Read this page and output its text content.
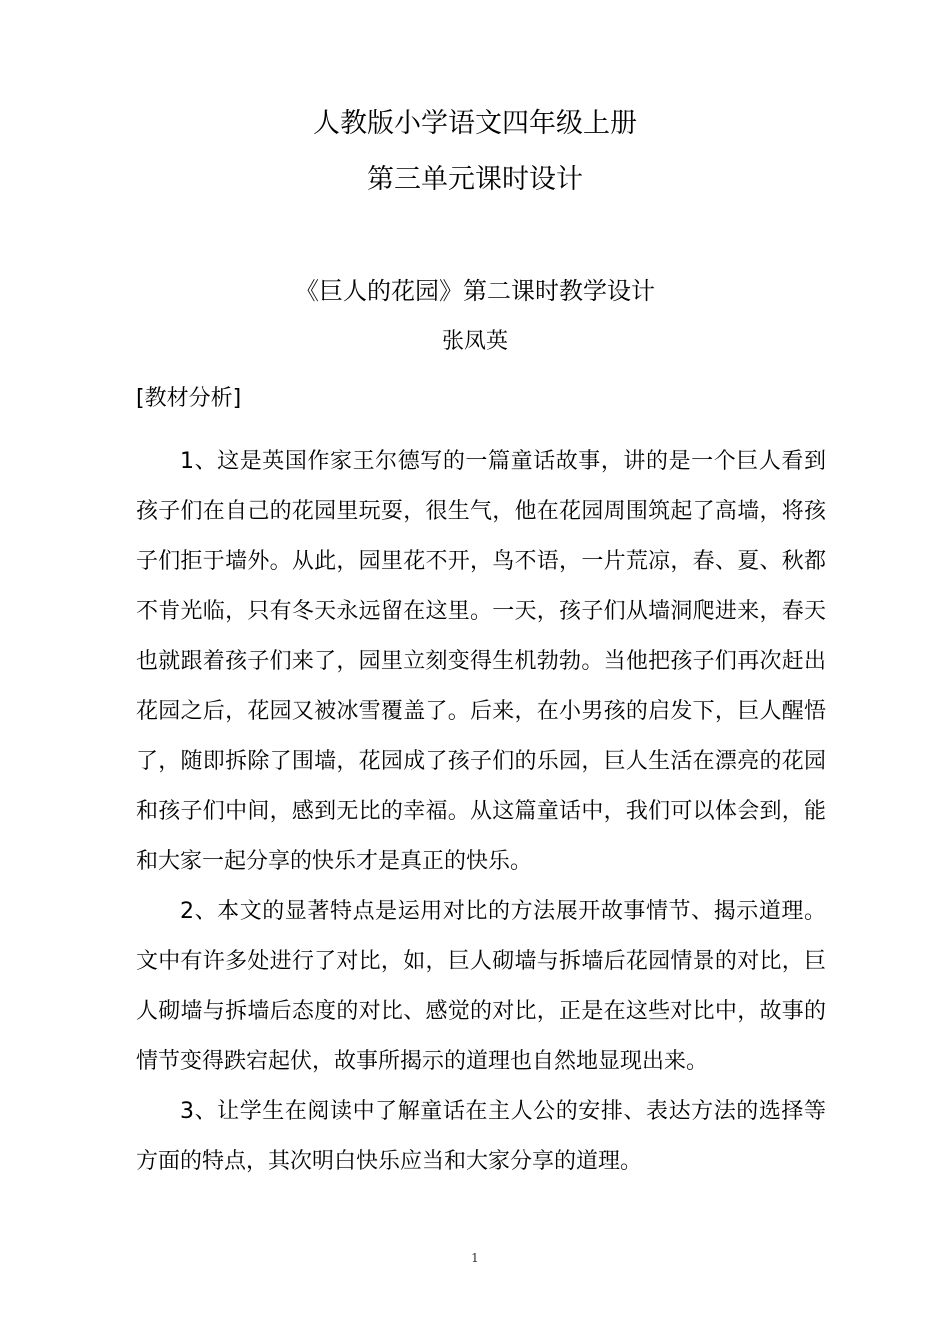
人教版小学语文四年级上册
第三单元课时设计
《巨人的花园》第二课时教学设计
张凤英
[教材分析]

1、这是英国作家王尔德写的一篇童话故事，讲的是一个巨人看到孩子们在自己的花园里玩耍，很生气，他在花园周围筑起了高墙，将孩子们拒于墙外。从此，园里花不开，鸟不语，一片荒凉，春、夏、秋都不肯光临，只有冬天永远留在这里。一天，孩子们从墙洞爬进来，春天也就跟着孩子们来了，园里立刻变得生机勃勃。当他把孩子们再次赶出花园之后，花园又被冰雪覆盖了。后来，在小男孩的启发下，巨人醒悟了，随即拆除了围墙，花园成了孩子们的乐园，巨人生活在漂亮的花园和孩子们中间，感到无比的幸福。从这篇童话中，我们可以体会到，能和大家一起分享的快乐才是真正的快乐。

2、本文的显著特点是运用对比的方法展开故事情节、揭示道理。文中有许多处进行了对比，如，巨人砌墙与拆墙后花园情景的对比，巨人砌墙与拆墙后态度的对比、感觉的对比，正是在这些对比中，故事的情节变得跌宕起伏，故事所揭示的道理也自然地显现出来。

3、让学生在阅读中了解童话在主人公的安排、表达方法的选择等方面的特点，其次明白快乐应当和大家分享的道理。

1
